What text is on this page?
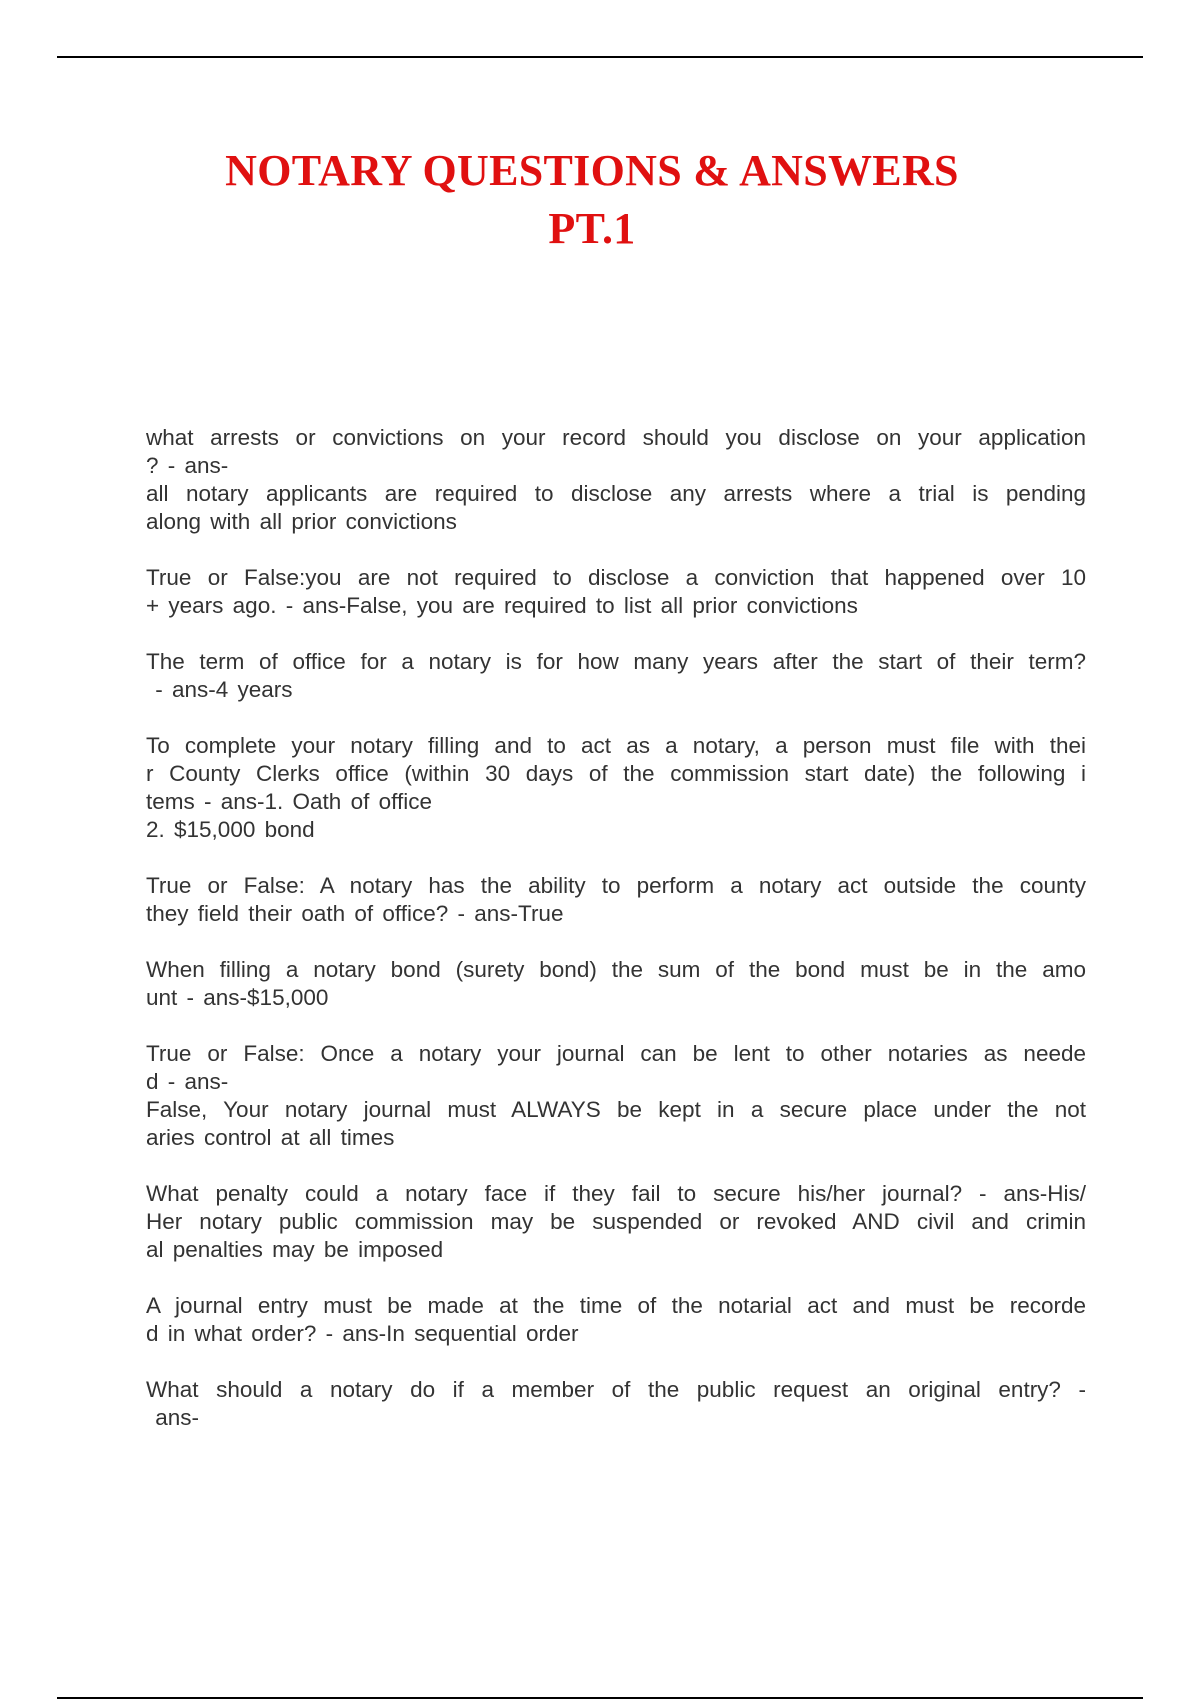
NOTARY QUESTIONS & ANSWERS
PT.1
what arrests or convictions on your record should you disclose on your application
? - ans-
all notary applicants are required to disclose any arrests where a trial is pending
along with all prior convictions
True or False:you are not required to disclose a conviction that happened over 10
+ years ago. - ans-False, you are required to list all prior convictions
The term of office for a notary is for how many years after the start of their term?
- ans-4 years
To complete your notary filling and to act as a notary, a person must file with thei
r County Clerks office (within 30 days of the commission start date) the following i
tems - ans-1. Oath of office
2. $15,000 bond
True or False: A notary has the ability to perform a notary act outside the county
they field their oath of office? - ans-True
When filling a notary bond (surety bond) the sum of the bond must be in the amo
unt - ans-$15,000
True or False: Once a notary your journal can be lent to other notaries as neede
d - ans-
False, Your notary journal must ALWAYS be kept in a secure place under the not
aries control at all times
What penalty could a notary face if they fail to secure his/her journal? - ans-His/
Her notary public commission may be suspended or revoked AND civil and crimin
al penalties may be imposed
A journal entry must be made at the time of the notarial act and must be recorde
d in what order? - ans-In sequential order
What should a notary do if a member of the public request an original entry? -
ans-
